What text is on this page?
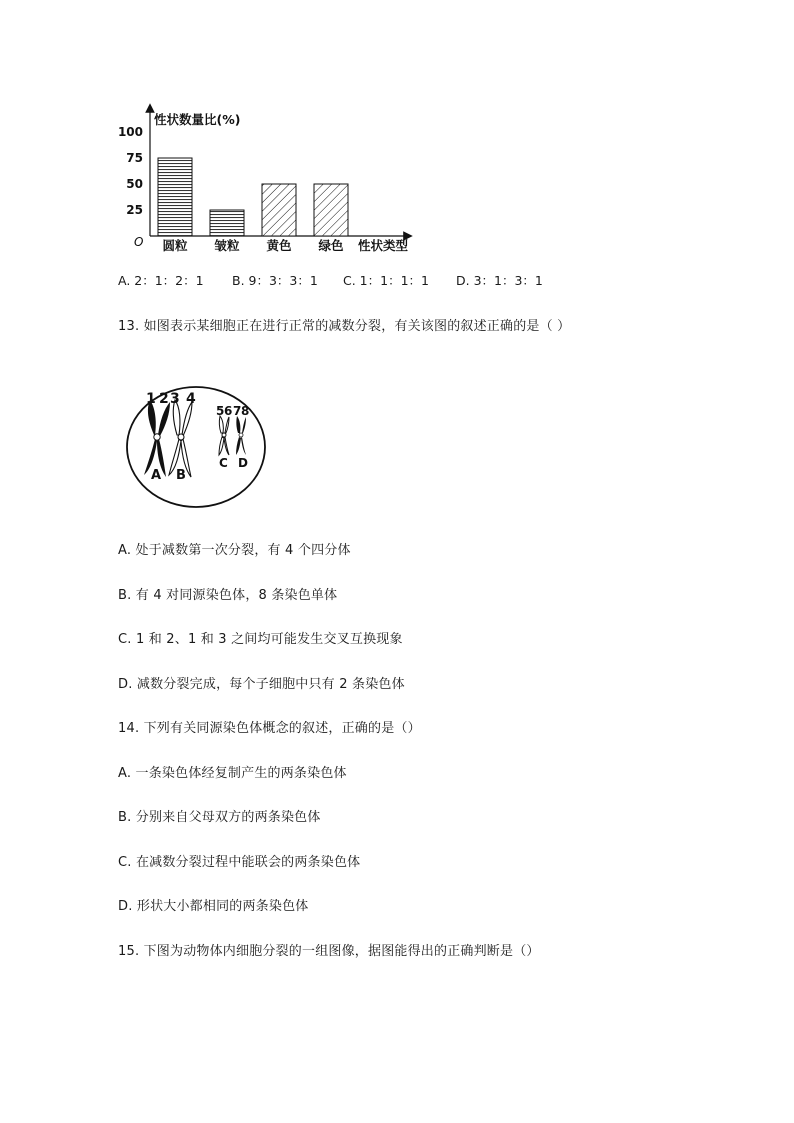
性状数量比(%)
O	性状类型
100
75
50
25
圆粒 皱粒 黄色 绿色
A. 2：1：2：1 B. 9：3：3：1 C. 1：1：1：1 D. 3：1：3：1
13. 如图表示某细胞正在进行正常的减数分裂，有关该图的叙述正确的是（ ）
1 2 3 4
5 6 7 8
A B
C D
A. 处于减数第一次分裂，有 4 个四分体
B. 有 4 对同源染色体，8 条染色单体
C. 1 和 2、1 和 3 之间均可能发生交叉互换现象
D. 减数分裂完成，每个子细胞中只有 2 条染色体
14. 下列有关同源染色体概念的叙述，正确的是（）
A. 一条染色体经复制产生的两条染色体
B. 分别来自父母双方的两条染色体
C. 在减数分裂过程中能联会的两条染色体
D. 形状大小都相同的两条染色体
15. 下图为动物体内细胞分裂的一组图像，据图能得出的正确判断是（）
